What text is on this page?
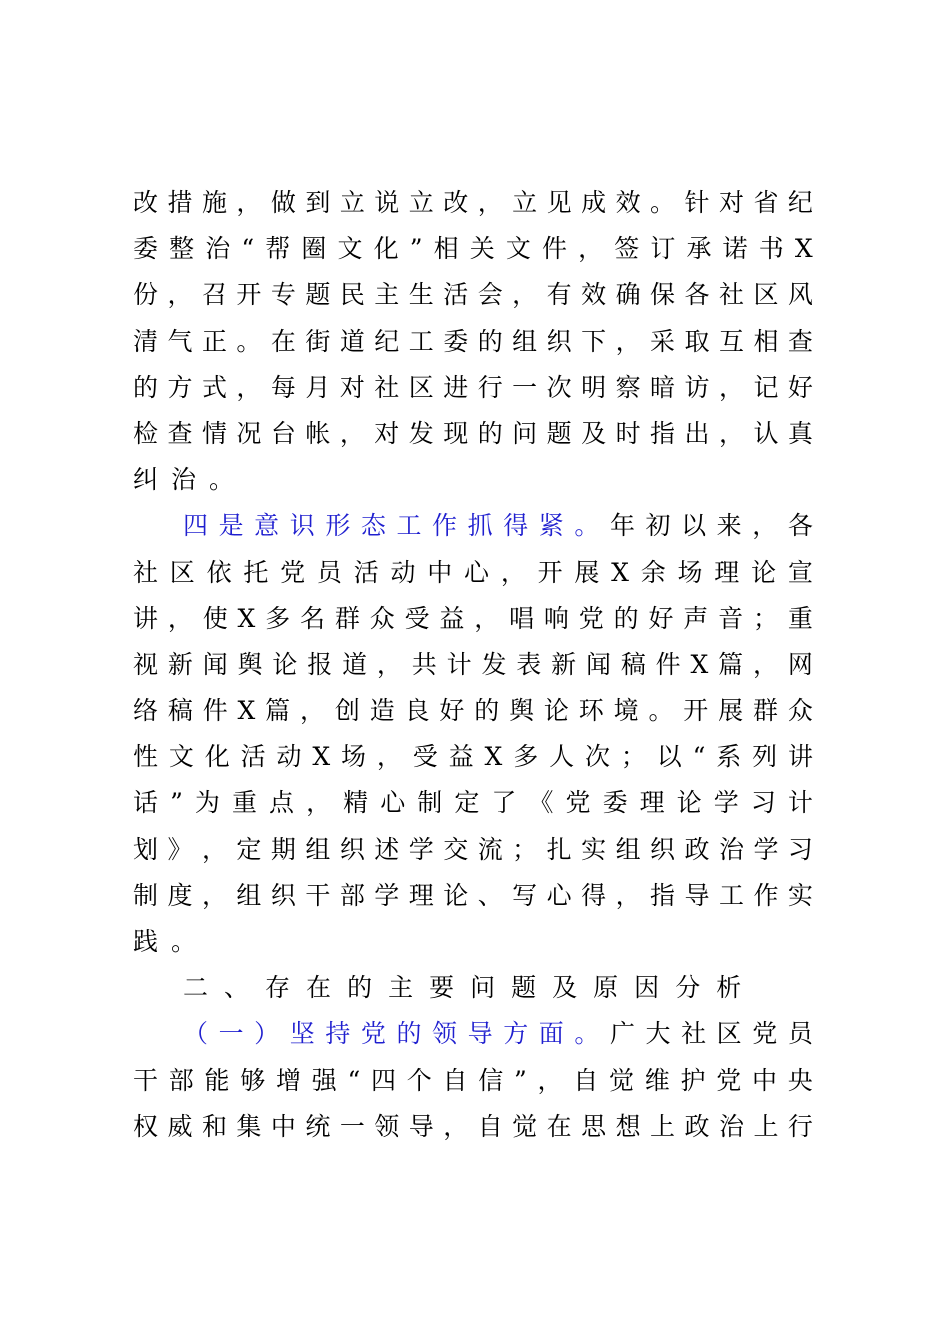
改 措 施 ， 做 到 立 说 立 改 ， 立 见 成 效 。 针 对 省 纪
委 整 治 “ 帮 圈 文 化 ” 相 关 文 件 ， 签 订 承 诺 书 X
份 ， 召 开 专 题 民 主 生 活 会 ， 有 效 确 保 各 社 区 风
清 气 正 。 在 街 道 纪 工 委 的 组 织 下 ， 采 取 互 相 查
的 方 式 ， 每 月 对 社 区 进 行 一 次 明 察 暗 访 ， 记 好
检 查 情 况 台 帐 ， 对 发 现 的 问 题 及 时 指 出 ， 认 真
纠 治 。
四 是 意 识 形 态 工 作 抓 得 紧 。 年 初 以 来 ， 各
社 区 依 托 党 员 活 动 中 心 ， 开 展 X 余 场 理 论 宣
讲 ， 使 X 多 名 群 众 受 益 ， 唱 响 党 的 好 声 音 ； 重
视 新 闻 舆 论 报 道 ， 共 计 发 表 新 闻 稿 件 X 篇 ， 网
络 稿 件 X 篇 ， 创 造 良 好 的 舆 论 环 境 。 开 展 群 众
性 文 化 活 动 X 场 ， 受 益 X 多 人 次 ； 以 “ 系 列 讲
话 ” 为 重 点 ， 精 心 制 定 了 《 党 委 理 论 学 习 计
划 》 ， 定 期 组 织 述 学 交 流 ； 扎 实 组 织 政 治 学 习
制 度 ， 组 织 干 部 学 理 论 、 写 心 得 ， 指 导 工 作 实
践 。
二 、 存 在 的 主 要 问 题 及 原 因 分 析
（ 一 ） 坚 持 党 的 领 导 方 面 。 广 大 社 区 党 员
干 部 能 够 增 强 “ 四 个 自 信 ” ， 自 觉 维 护 党 中 央
权 威 和 集 中 统 一 领 导 ， 自 觉 在 思 想 上 政 治 上 行
